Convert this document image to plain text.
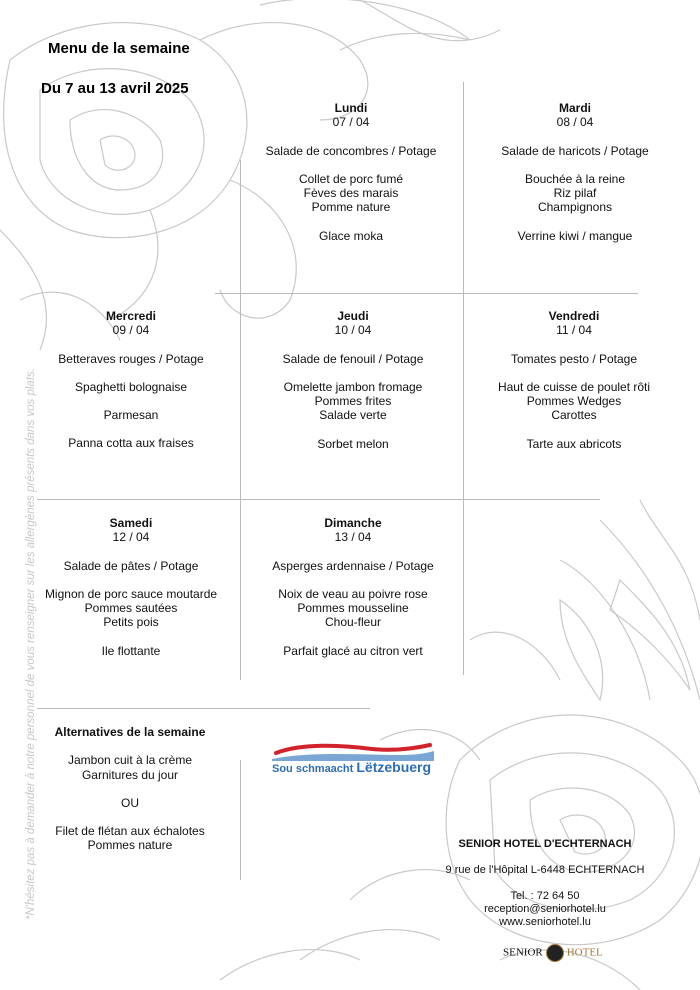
Menu de la semaine
Du 7 au 13 avril 2025
Lundi
07 / 04
Salade de concombres / Potage
Collet de porc fumé
Fèves des marais
Pomme nature
Glace moka
Mardi
08 / 04
Salade de haricots / Potage
Bouchée à la reine
Riz pilaf
Champignons
Verrine kiwi / mangue
Mercredi
09 / 04
Betteraves rouges / Potage
Spaghetti bolognaise
Parmesan
Panna cotta aux fraises
Jeudi
10 / 04
Salade de fenouil / Potage
Omelette jambon fromage
Pommes frites
Salade verte
Sorbet melon
Vendredi
11 / 04
Tomates pesto / Potage
Haut de cuisse de poulet rôti
Pommes Wedges
Carottes
Tarte aux abricots
Samedi
12 / 04
Salade de pâtes / Potage
Mignon de porc sauce moutarde
Pommes sautées
Petits pois
Ile flottante
Dimanche
13 / 04
Asperges ardennaise / Potage
Noix de veau au poivre rose
Pommes mousseline
Chou-fleur
Parfait glacé au citron vert
Alternatives de la semaine
Jambon cuit à la crème
Garnitures du jour
OU
Filet de flétan aux échalotes
Pommes nature
*N'hésitez pas à demander à notre personnel de vous renseigner sur les allergènes présents dans vos plats.	Sou schmaacht Lëtzebuerg
SENIOR HOTEL D'ECHTERNACH
9 rue de l'Hôpital L-6448 ECHTERNACH
Tel. : 72 64 50
reception@seniorhotel.lu
www.seniorhotel.lu
SENIOR HOTEL
